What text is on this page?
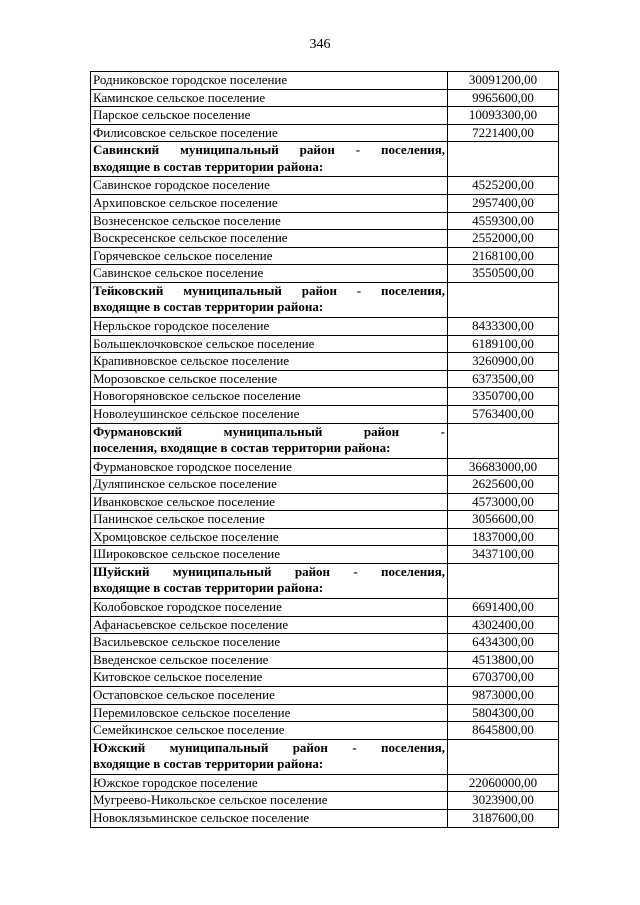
346
Родниковское городское поселение	30091200,00
Каминское сельское поселение	9965600,00
Парское сельское поселение	10093300,00
Филисовское сельское поселение	7221400,00

Савинский муниципальный район - поселения,
входящие в состав территории района:	

Савинское городское поселение	4525200,00
Архиповское сельское поселение	2957400,00
Вознесенское сельское поселение	4559300,00
Воскресенское сельское поселение	2552000,00
Горячевское сельское поселение	2168100,00
Савинское сельское поселение	3550500,00

Тейковский муниципальный район - поселения,
входящие в состав территории района:	

Нерльское городское поселение	8433300,00
Большеклочковское сельское поселение	6189100,00
Крапивновское сельское поселение	3260900,00
Морозовское сельское поселение	6373500,00
Новогоряновское сельское поселение	3350700,00
Новолеушинское сельское поселение	5763400,00

Фурмановский муниципальный район -
поселения, входящие в состав территории района:	

Фурмановское городское поселение	36683000,00
Дуляпинское сельское поселение	2625600,00
Иванковское сельское поселение	4573000,00
Панинское сельское поселение	3056600,00
Хромцовское сельское поселение	1837000,00
Широковское сельское поселение	3437100,00

Шуйский муниципальный район - поселения,
входящие в состав территории района:	

Колобовское городское поселение	6691400,00
Афанасьевское сельское поселение	4302400,00
Васильевское сельское поселение	6434300,00
Введенское сельское поселение	4513800,00
Китовское сельское поселение	6703700,00
Остаповское сельское поселение	9873000,00
Перемиловское сельское поселение	5804300,00
Семейкинское сельское поселение	8645800,00

Южский муниципальный район - поселения,
входящие в состав территории района:	

Южское городское поселение	22060000,00
Мугреево-Никольское сельское поселение	3023900,00
Новоклязьминское сельское поселение	3187600,00
